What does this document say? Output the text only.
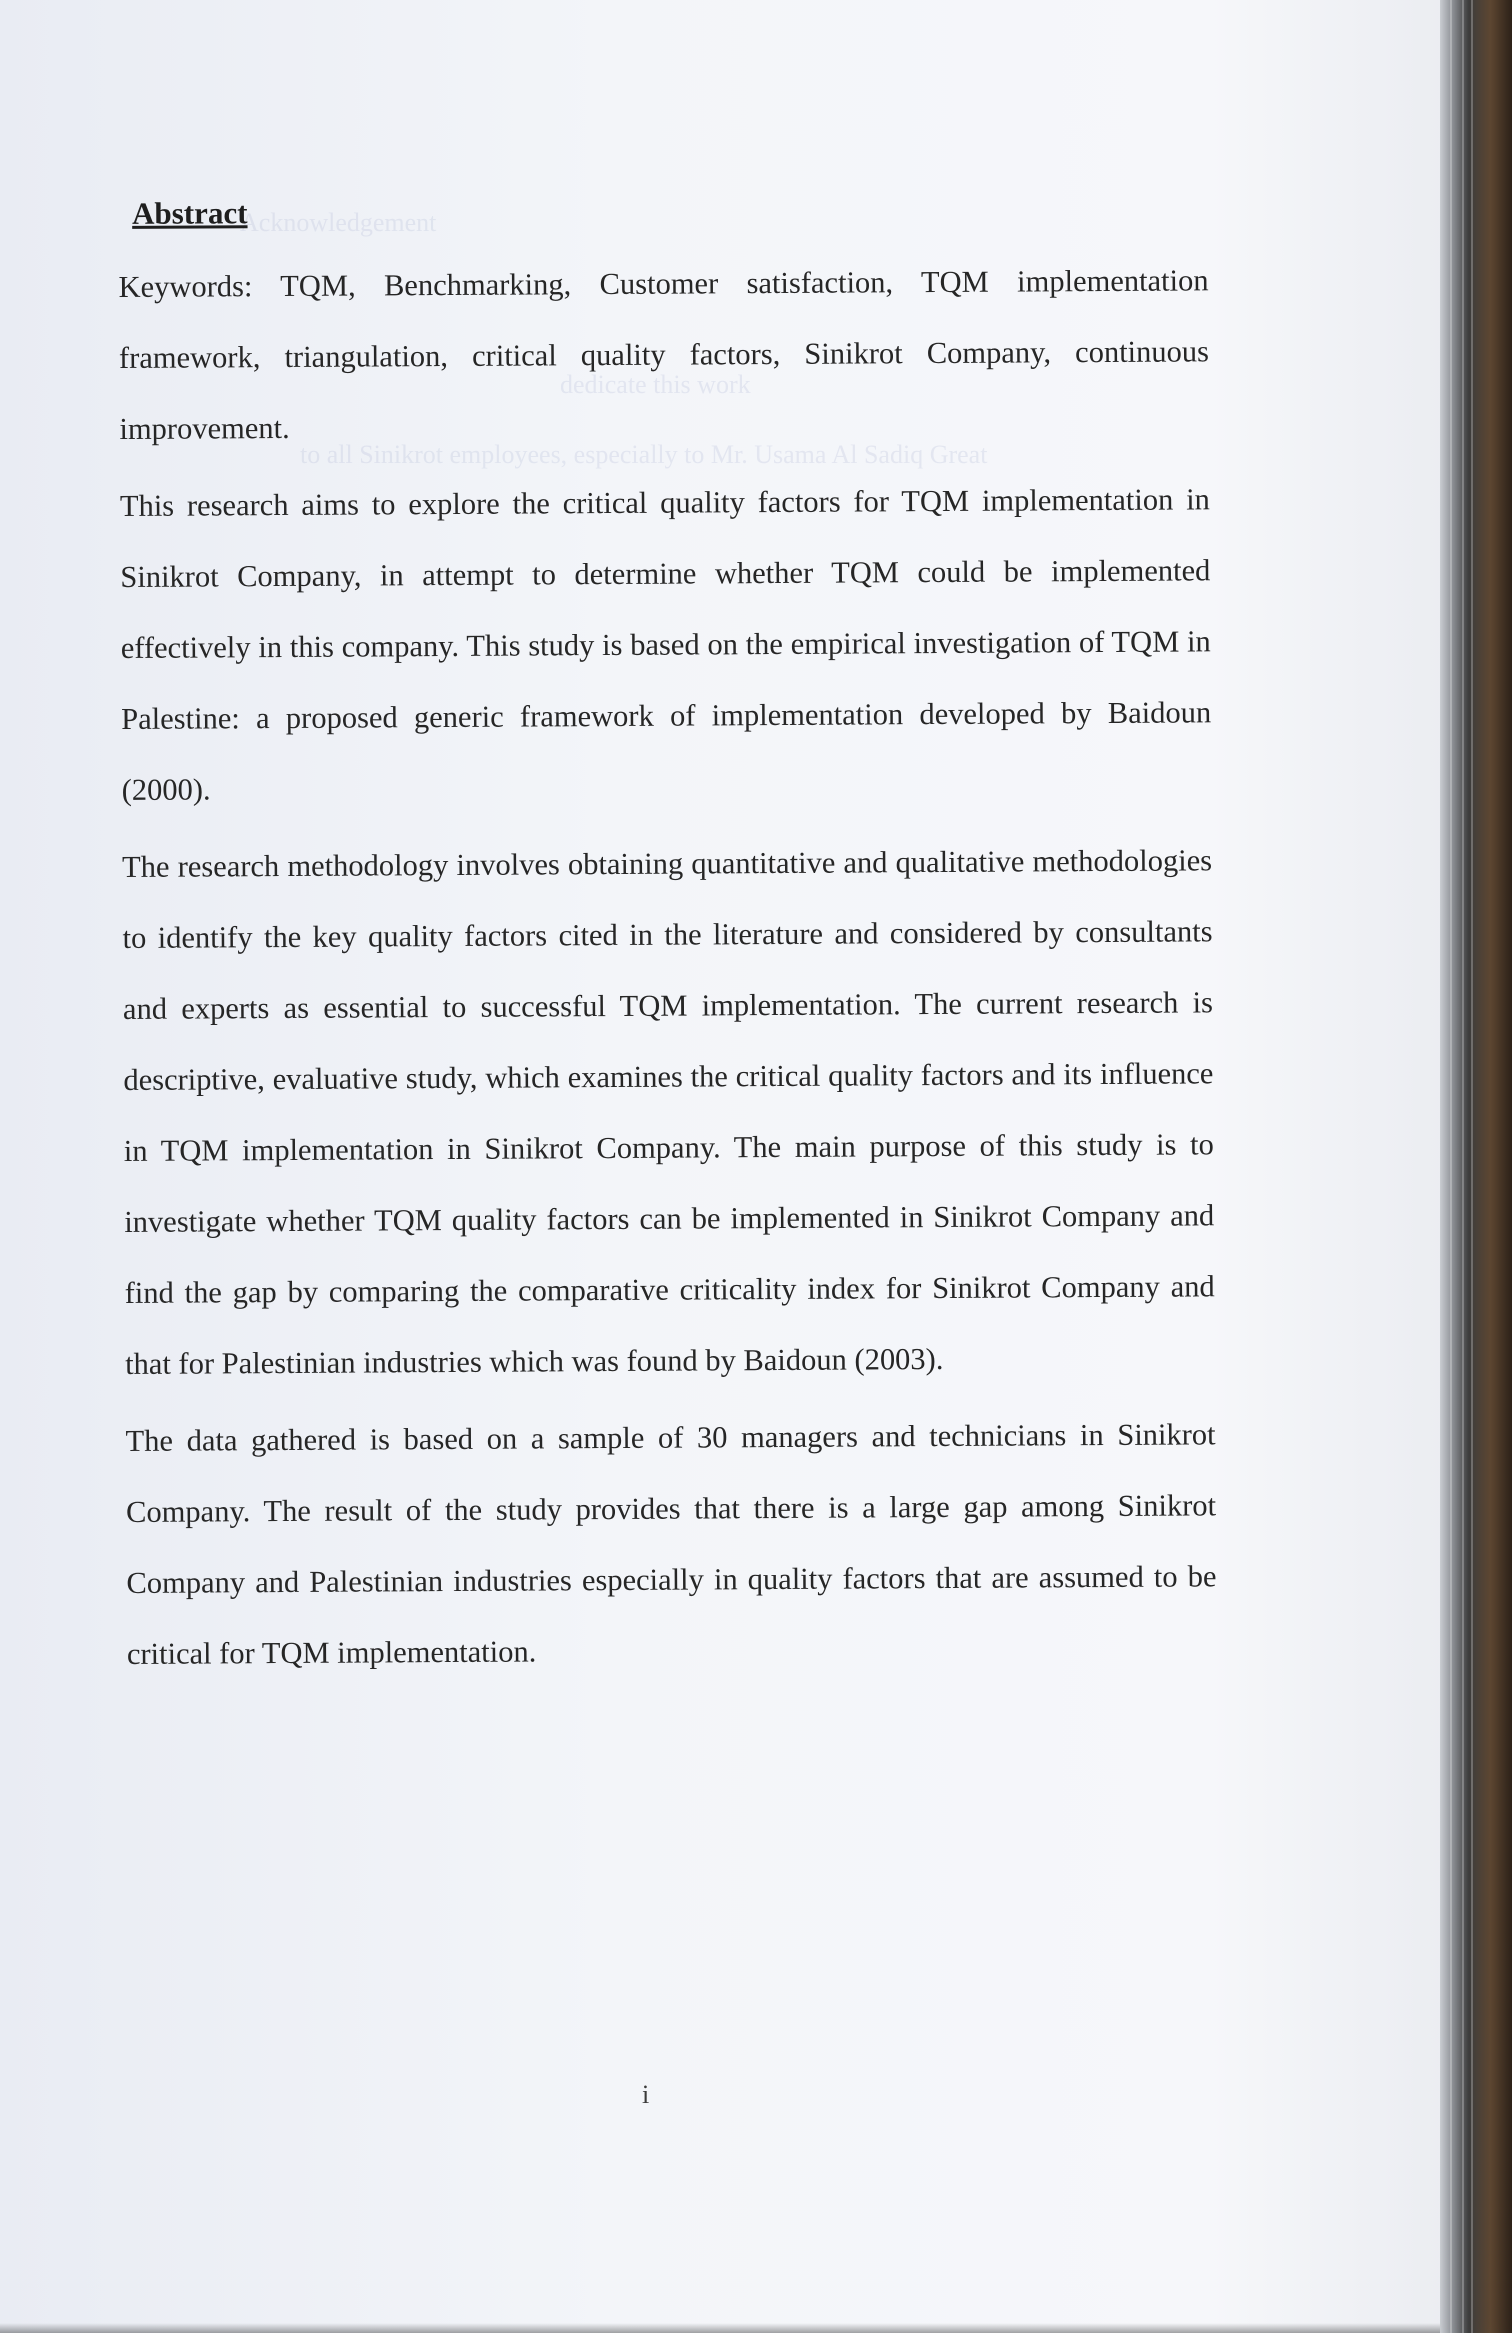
Acknowledgement
to all Sinikrot employees, especially to Mr. Usama Al Sadiq Great
dedicate this work
Abstract

Keywords: TQM, Benchmarking, Customer satisfaction, TQM implementation framework, triangulation, critical quality factors, Sinikrot Company, continuous improvement.

This research aims to explore the critical quality factors for TQM implementation in Sinikrot Company, in attempt to determine whether TQM could be implemented effectively in this company. This study is based on the empirical investigation of TQM in Palestine: a proposed generic framework of implementation developed by Baidoun (2000).

The research methodology involves obtaining quantitative and qualitative methodologies to identify the key quality factors cited in the literature and considered by consultants and experts as essential to successful TQM implementation. The current research is descriptive, evaluative study, which examines the critical quality factors and its influence in TQM implementation in Sinikrot Company. The main purpose of this study is to investigate whether TQM quality factors can be implemented in Sinikrot Company and find the gap by comparing the comparative criticality index for Sinikrot Company and that for Palestinian industries which was found by Baidoun (2003).

The data gathered is based on a sample of 30 managers and technicians in Sinikrot Company. The result of the study provides that there is a large gap among Sinikrot Company and Palestinian industries especially in quality factors that are assumed to be critical for TQM implementation.

i
